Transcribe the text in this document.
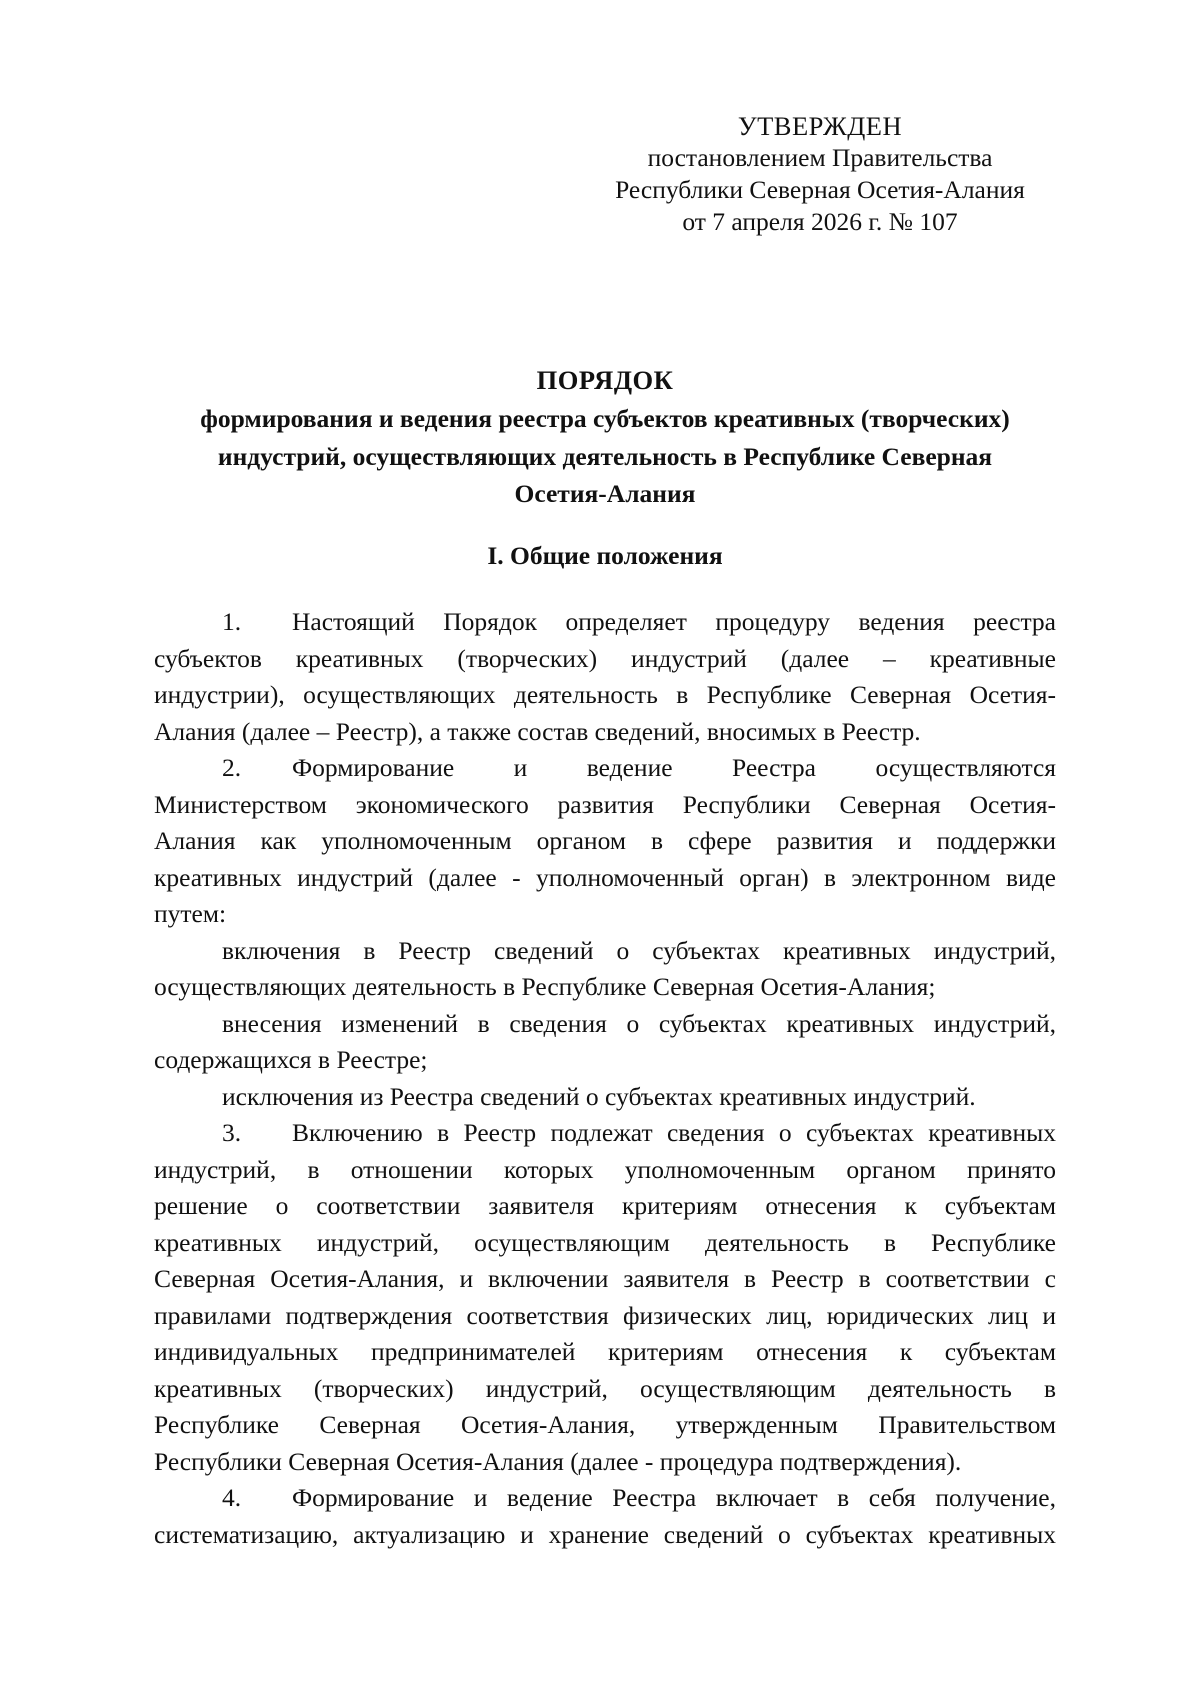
УТВЕРЖДЕН
постановлением Правительства
Республики Северная Осетия-Алания
от 7 апреля 2026 г. № 107
ПОРЯДОК
формирования и ведения реестра субъектов креативных (творческих)
индустрий, осуществляющих деятельность в Республике Северная
Осетия-Алания
I. Общие положения
1. Настоящий Порядок определяет процедуру ведения реестра
субъектов креативных (творческих) индустрий (далее – креативные
индустрии), осуществляющих деятельность в Республике Северная Осетия-
Алания (далее – Реестр), а также состав сведений, вносимых в Реестр.
2. Формирование и ведение Реестра осуществляются
Министерством экономического развития Республики Северная Осетия-
Алания как уполномоченным органом в сфере развития и поддержки
креативных индустрий (далее - уполномоченный орган) в электронном виде
путем:
включения в Реестр сведений о субъектах креативных индустрий,
осуществляющих деятельность в Республике Северная Осетия-Алания;
внесения изменений в сведения о субъектах креативных индустрий,
содержащихся в Реестре;
исключения из Реестра сведений о субъектах креативных индустрий.
3. Включению в Реестр подлежат сведения о субъектах креативных
индустрий, в отношении которых уполномоченным органом принято
решение о соответствии заявителя критериям отнесения к субъектам
креативных индустрий, осуществляющим деятельность в Республике
Северная Осетия-Алания, и включении заявителя в Реестр в соответствии с
правилами подтверждения соответствия физических лиц, юридических лиц и
индивидуальных предпринимателей критериям отнесения к субъектам
креативных (творческих) индустрий, осуществляющим деятельность в
Республике Северная Осетия-Алания, утвержденным Правительством
Республики Северная Осетия-Алания (далее - процедура подтверждения).
4. Формирование и ведение Реестра включает в себя получение,
систематизацию, актуализацию и хранение сведений о субъектах креативных
